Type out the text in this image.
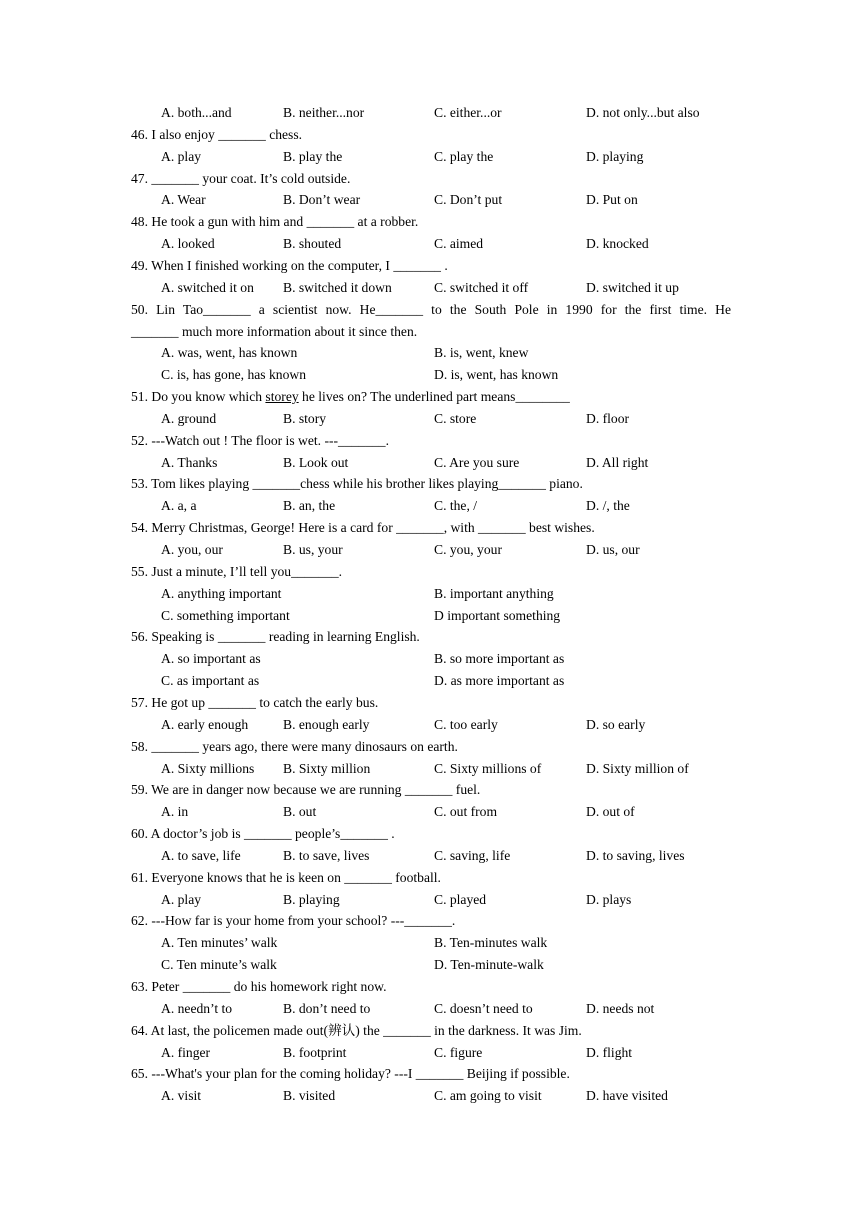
A. both...and	B. neither...nor	C. either...or	D. not only...but also
46. I also enjoy _______ chess.
A. play	B. play the	C. play the	D. playing
47. _______ your coat. It’s cold outside.
A. Wear	B. Don’t wear	C. Don’t put	D. Put on
48. He took a gun with him and _______ at a robber.
A. looked	B. shouted	C. aimed	D. knocked
49. When I finished working on the computer, I _______ .
A. switched it on B. switched it down	C. switched it off	D. switched it up
50. Lin Tao_______ a scientist now. He_______ to the South Pole in 1990 for the first time. He
_______ much more information about it since then.
A. was, went, has known	B. is, went, knew
C. is, has gone, has known	D. is, went, has known
51. Do you know which storey he lives on? The underlined part means________
A. ground	B. story	C. store	D. floor
52. ---Watch out ! The floor is wet. ---_______.
A. Thanks	B. Look out	C. Are you sure	D. All right
53. Tom likes playing _______chess while his brother likes playing_______ piano.
A. a, a	B. an, the	C. the, /	D. /, the
54. Merry Christmas, George! Here is a card for _______, with _______ best wishes.
A. you, our	B. us, your	C. you, your	D. us, our
55. Just a minute, I’ll tell you_______.
A. anything important	B. important anything
C. something important	D important something
56. Speaking is _______ reading in learning English.
A. so important as	B. so more important as
C. as important as	D. as more important as
57. He got up _______ to catch the early bus.
A. early enough	B. enough early	C. too early	D. so early
58. _______ years ago, there were many dinosaurs on earth.
A. Sixty millions B. Sixty million	C. Sixty millions of	D. Sixty million of
59. We are in danger now because we are running _______ fuel.
A. in	B. out	C. out from	D. out of
60. A doctor’s job is _______ people’s_______ .
A. to save, life	B. to save, lives	C. saving, life	D. to saving, lives
61. Everyone knows that he is keen on _______ football.
A. play	B. playing	C. played	D. plays
62. ---How far is your home from your school? ---_______.
A. Ten minutes’ walk	B. Ten-minutes walk
C. Ten minute’s walk	D. Ten-minute-walk
63. Peter _______ do his homework right now.
A. needn’t to	B. don’t need to	C. doesn’t need to	D. needs not
64. At last, the policemen made out(辨认) the _______ in the darkness. It was Jim.
A. finger	B. footprint	C. figure	D. flight
65. ---What's your plan for the coming holiday? ---I _______ Beijing if possible.
A. visit	B. visited	C. am going to visit	D. have visited
